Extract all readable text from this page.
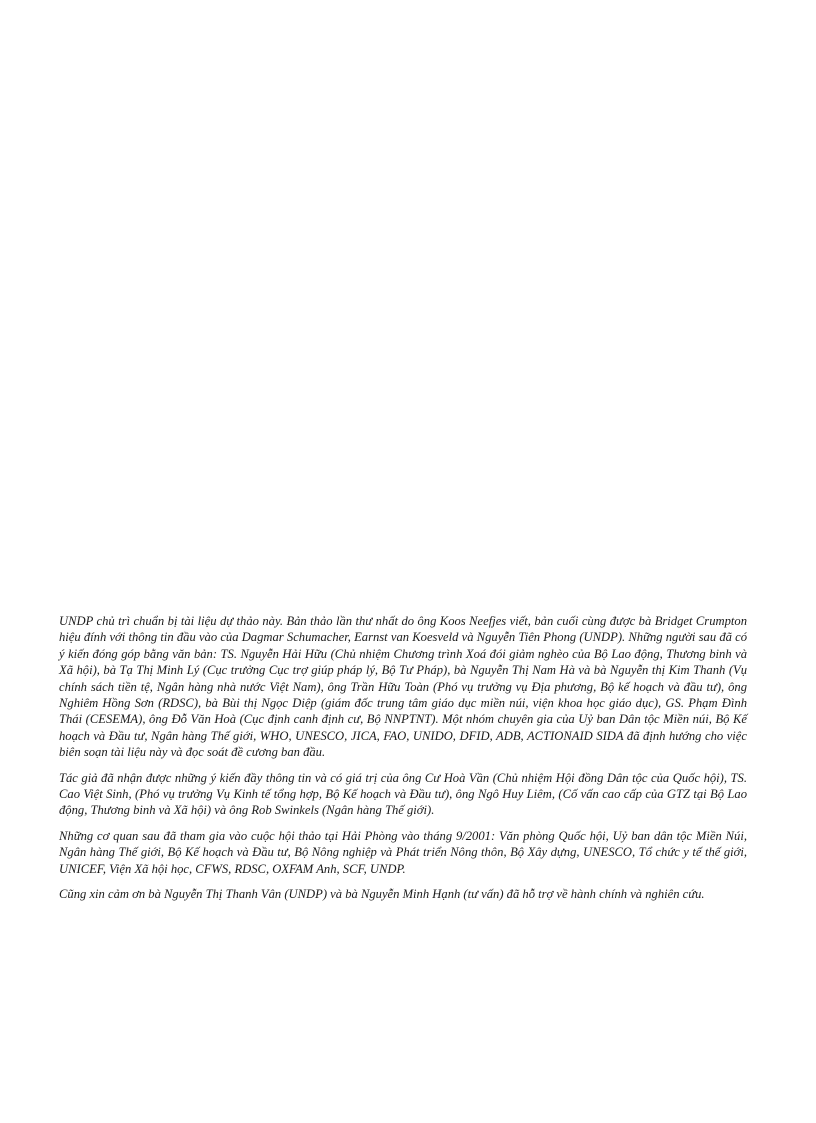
UNDP chủ trì chuẩn bị tài liệu dự thảo này. Bản thảo lần thư nhất do ông Koos Neefjes viết, bản cuối cùng được bà Bridget Crumpton hiệu đính với thông tin đầu vào của Dagmar Schumacher, Earnst van Koesveld và Nguyễn Tiên Phong (UNDP). Những người sau đã có ý kiến đóng góp bằng văn bản: TS. Nguyễn Hải Hữu (Chủ nhiệm Chương trình Xoá đói giảm nghèo của Bộ Lao động, Thương binh và Xã hội), bà Tạ Thị Minh Lý (Cục trưởng Cục trợ giúp pháp lý, Bộ Tư Pháp), bà Nguyễn Thị Nam Hà và bà Nguyễn thị Kim Thanh (Vụ chính sách tiền tệ, Ngân hàng nhà nước Việt Nam), ông Trần Hữu Toàn (Phó vụ trưởng vụ Địa phương, Bộ kế hoạch và đầu tư), ông Nghiêm Hồng Sơn (RDSC), bà Bùi thị Ngọc Diệp (giám đốc trung tâm giáo dục miền núi, viện khoa học giáo dục), GS. Phạm Đình Thái (CESEMA), ông Đỗ Văn Hoà (Cục định canh định cư, Bộ NNPTNT). Một nhóm chuyên gia của Uỷ ban Dân tộc Miền núi, Bộ Kế hoạch và Đầu tư, Ngân hàng Thế giới, WHO, UNESCO, JICA, FAO, UNIDO, DFID, ADB, ACTIONAID SIDA đã định hướng cho việc biên soạn tài liệu này và đọc soát đề cương ban đầu.

Tác giả đã nhận được những ý kiến đầy thông tin và có giá trị của ông Cư Hoà Vần (Chủ nhiệm Hội đồng Dân tộc của Quốc hội), TS. Cao Việt Sinh, (Phó vụ trưởng Vụ Kinh tế tổng hợp, Bộ Kế hoạch và Đầu tư), ông Ngô Huy Liêm, (Cố vấn cao cấp của GTZ tại Bộ Lao động, Thương binh và Xã hội) và ông Rob Swinkels (Ngân hàng Thế giới).

Những cơ quan sau đã tham gia vào cuộc hội thảo tại Hải Phòng vào tháng 9/2001: Văn phòng Quốc hội, Uỷ ban dân tộc Miền Núi, Ngân hàng Thế giới, Bộ Kế hoạch và Đầu tư, Bộ Nông nghiệp và Phát triển Nông thôn, Bộ Xây dựng, UNESCO, Tổ chức y tế thế giới, UNICEF, Viện Xã hội học, CFWS, RDSC, OXFAM Anh, SCF, UNDP.

Cũng xin cảm ơn bà Nguyễn Thị Thanh Vân (UNDP) và bà Nguyễn Minh Hạnh (tư vấn) đã hỗ trợ về hành chính và nghiên cứu.
